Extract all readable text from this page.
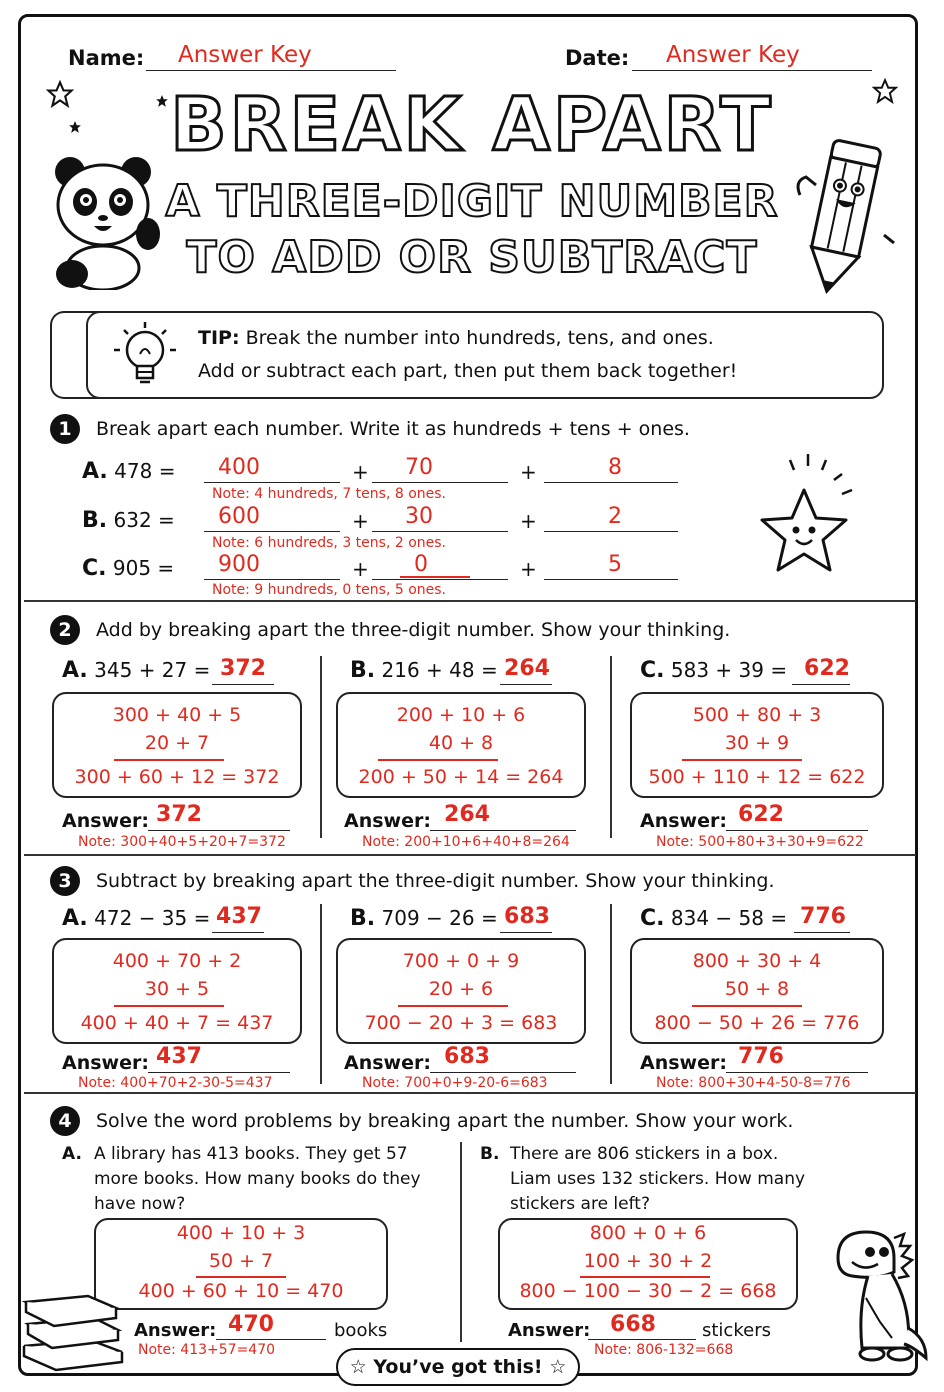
Name: Answer Key	Date: Answer Key
BREAK APART
A THREE-DIGIT NUMBER
TO ADD OR SUBTRACT
TIP: Break the number into hundreds, tens, and ones.
Add or subtract each part, then put them back together!
1	Break apart each number. Write it as hundreds + tens + ones.
A. 478 =	400	+	70	+	8
Note: 4 hundreds, 7 tens, 8 ones.
B. 632 =	600	+	30	+	2
Note: 6 hundreds, 3 tens, 2 ones.
C. 905 =	900	+	0	+	5
Note: 9 hundreds, 0 tens, 5 ones.
2	Add by breaking apart the three-digit number. Show your thinking.
A. 345 + 27 = 372
300 + 40 + 5
20 + 7
300 + 60 + 12 = 372
Answer: 372
Note: 300+40+5+20+7=372
B. 216 + 48 = 264
200 + 10 + 6
40 + 8
200 + 50 + 14 = 264
Answer: 264
Note: 200+10+6+40+8=264
C. 583 + 39 = 622
500 + 80 + 3
30 + 9
500 + 110 + 12 = 622
Answer: 622
Note: 500+80+3+30+9=622
3	Subtract by breaking apart the three-digit number. Show your thinking.
A. 472 − 35 = 437
400 + 70 + 2
30 + 5
400 + 40 + 7 = 437
Answer: 437
Note: 400+70+2-30-5=437
B. 709 − 26 = 683
700 + 0 + 9
20 + 6
700 − 20 + 3 = 683
Answer: 683
Note: 700+0+9-20-6=683
C. 834 − 58 = 776
800 + 30 + 4
50 + 8
800 − 50 + 26 = 776
Answer: 776
Note: 800+30+4-50-8=776
4	Solve the word problems by breaking apart the number. Show your work.
A. A library has 413 books. They get 57
more books. How many books do they
have now?
400 + 10 + 3
50 + 7
400 + 60 + 10 = 470
Answer: 470	books
Note: 413+57=470
B. There are 806 stickers in a box.
Liam uses 132 stickers. How many
stickers are left?
800 + 0 + 6
100 + 30 + 2
800 − 100 − 30 − 2 = 668
Answer: 668	stickers
Note: 806-132=668
☆ You’ve got this! ☆
